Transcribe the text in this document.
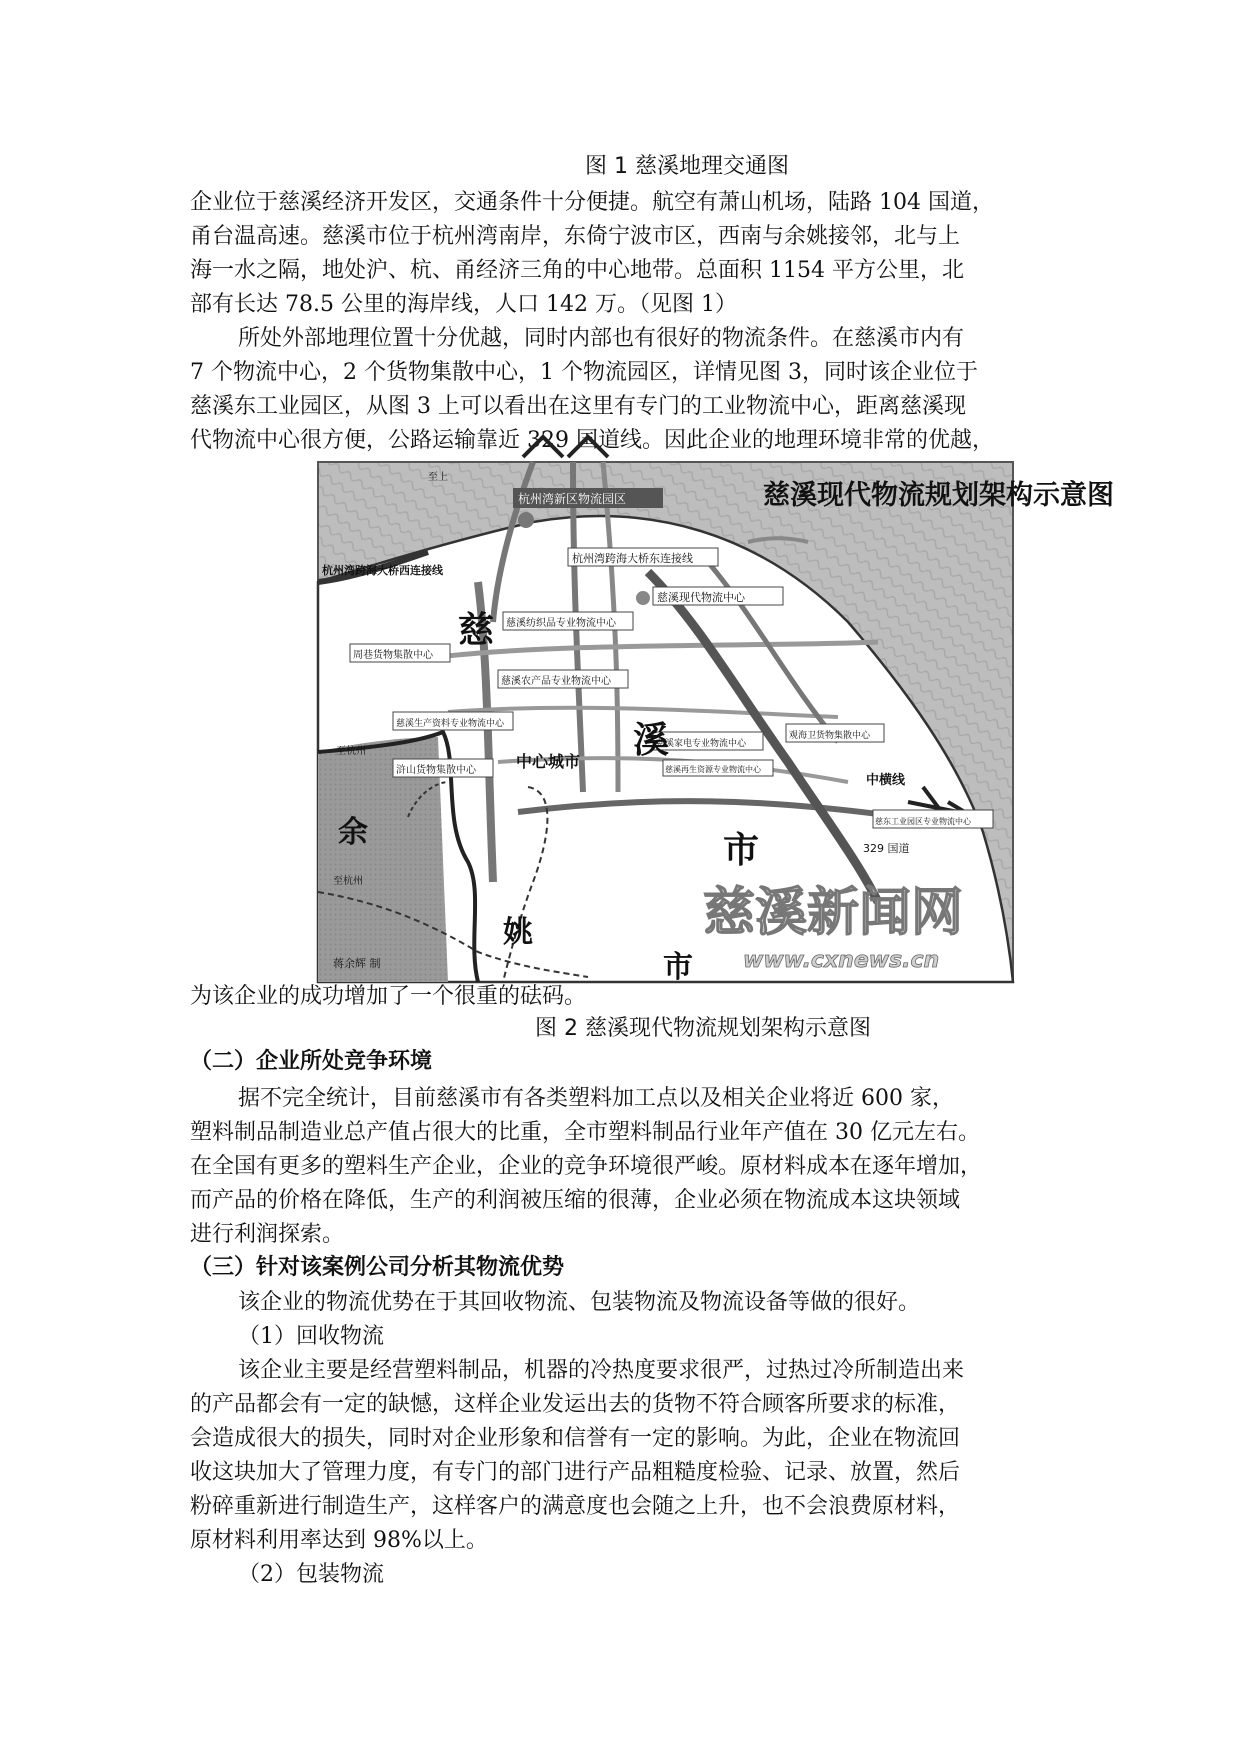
图 1 慈溪地理交通图
企业位于慈溪经济开发区，交通条件十分便捷。航空有萧山机场，陆路 104 国道，
甬台温高速。慈溪市位于杭州湾南岸，东倚宁波市区，西南与余姚接邻，北与上
海一水之隔，地处沪、杭、甬经济三角的中心地带。总面积 1154 平方公里，北
部有长达 78.5 公里的海岸线，人口 142 万。（见图 1）
所处外部地理位置十分优越，同时内部也有很好的物流条件。在慈溪市内有
7 个物流中心，2 个货物集散中心，1 个物流园区，详情见图 3，同时该企业位于
慈溪东工业园区，从图 3 上可以看出在这里有专门的工业物流中心，距离慈溪现
代物流中心很方便，公路运输靠近 329 国道线。因此企业的地理环境非常的优越，
慈溪现代物流规划架构示意图
杭州湾新区物流园区
杭州湾跨海大桥西连接线
杭州湾跨海大桥东连接线
慈溪现代物流中心
慈溪纺织品专业物流中心
周巷货物集散中心
慈溪农产品专业物流中心
慈溪生产资料专业物流中心
慈溪家电专业物流中心
观海卫货物集散中心
浒山货物集散中心	中心城市	慈溪再生资源专业物流中心
中横线
慈东工业园区专业物流中心
329 国道
至杭州
至杭州
至上
蒋余辉 制
慈
溪
市
余
姚
市
慈溪新闻网
www.cxnews.cn
为该企业的成功增加了一个很重的砝码。
图 2 慈溪现代物流规划架构示意图
（二）企业所处竞争环境
据不完全统计，目前慈溪市有各类塑料加工点以及相关企业将近 600 家，
塑料制品制造业总产值占很大的比重，全市塑料制品行业年产值在 30 亿元左右。
在全国有更多的塑料生产企业，企业的竞争环境很严峻。原材料成本在逐年增加，
而产品的价格在降低，生产的利润被压缩的很薄，企业必须在物流成本这块领域
进行利润探索。
（三）针对该案例公司分析其物流优势
该企业的物流优势在于其回收物流、包装物流及物流设备等做的很好。
（1）回收物流
该企业主要是经营塑料制品，机器的冷热度要求很严，过热过冷所制造出来
的产品都会有一定的缺憾，这样企业发运出去的货物不符合顾客所要求的标准，
会造成很大的损失，同时对企业形象和信誉有一定的影响。为此，企业在物流回
收这块加大了管理力度，有专门的部门进行产品粗糙度检验、记录、放置，然后
粉碎重新进行制造生产，这样客户的满意度也会随之上升，也不会浪费原材料，
原材料利用率达到 98%以上。
（2）包装物流
